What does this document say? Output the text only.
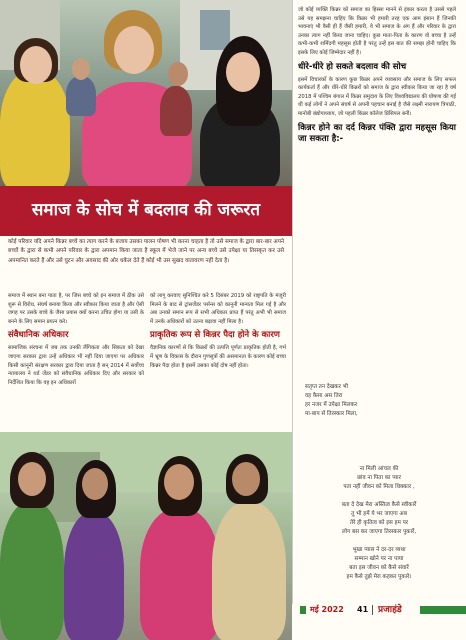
समाज के सोच में बदलाव की जरूरत
कोई परिवार यदि अपने किन्नर बच्चे का त्याग करने के बजाय उसका पालन पोषण भी करना चाहता है तो उसे समाज के द्वारा बार-बार अपने बच्चों के द्वारा से कभी अपने परिवार के द्वारा अपमान किया जाता है स्कूल में भेजे जाने पर अन्य बच्चे उसे उपेक्षा या तिरस्कृत कर उसे अपमानित करते हैं और उसे घुटन और अवसाद की ओर धकेल देते हैं कोई भी उस सुखद वातावरण नहीं देता है।

समाज में स्थान बना पाता है, पर जिस बच्चे को इन समाज में ठीक उसे शुरू से विरोध, संघर्ष बनाया किया और स्वीकार किया जाता है और ऐसी जगह पर उसके बच्चे के जैसा प्रयास क्यों करना उचित होगा या उसी के बनने के लिए समान प्रयत्न करे।

संवैधानिक अधिकार

सामाजिक संरचना में जब तक उनकी लैंगिकता और सिकता को देखा जाएगा सरकार द्वारा उन्हें अधिकार भी नहीं दिया जाएगा पर अधिकार किसी कानूनी संरक्षण सरकार द्वारा दिया जाता है सन् 2014 में सर्वोच्च न्यायालय ने थर्ड जेंडर को संवैधानिक अधिकार दिए और सरकार को निर्देशित किया कि वह इन अधिकारों

को लागू करवाए सुनिश्चित करे 5 दिसंबर 2019 को राष्ट्रपति के मंजूरी मिलने के बाद से ट्रांसजेंडर पर्सन्स को कानूनी मान्यता मिल गई है और अब उनको समान रूप से सभी अधिकार प्राप्त हैं परंतु अभी भी समाज में उनके अधिकारों को उतना बढ़ावा नहीं मिला है।

प्राकृतिक रूप से किन्नर पैदा होने के कारण

वैज्ञानिक कारणों से कि किन्नरों की उत्पत्ति पूर्णतः प्राकृतिक होती है, गर्भ में भ्रूण के विकास के दौरान गुणसूत्रों की असमानता के कारण कोई बच्चा किन्नर पैदा होता है इसमें उसका कोई दोष नहीं होता।

जो कोई व्यक्ति किन्नर को समाज का हिस्सा मानने से इंकार करता है उससे पहले उसे यह समझना चाहिए कि किन्नर भी हमारी तरह एक आम इंसान हैं जिनकी भावनाएं भी वैसी ही हैं जैसी हमारी, वे भी समाज के अंग हैं और परिवार के द्वारा उनका त्याग नहीं किया जाना चाहिए। कुछ माता-पिता के कारण वो बच्चा है उन्हें कभी-कभी शर्मिंदगी महसूस होती है परंतु उन्हें इस बात की समझ होनी चाहिए कि इसके लिए कोई जिम्मेदार नहीं है।

धीरे-धीरे हो सकते बदलाव की सोच

इसमें विचारकों के कारण कुछ किन्नर अपने व्यवसाय और समाज के लिए सफल कार्यकर्ता हैं और धीरे-धीरे किन्नरों को समाज के द्वारा स्वीकार किया जा रहा है वर्ष 2018 में पश्चिम बंगाल में किन्नर समुदाय के लिए विश्वविद्यालय की घोषणा की गई थी कई लोगों ने अपने संघर्ष से अपनी पहचान बनाई है जैसे लक्ष्मी नारायण त्रिपाठी, मानोबी बंद्योपाध्याय, जो पहली किन्नर कॉलेज प्रिंसिपल बनीं।

किन्नर होने का दर्द किन्नर पंक्ति द्वारा महसूस किया जा सकता है:-
सतृप्त तन देखकर भी
वह कैसा अस तिरा
हर नजर में उपेक्षा मिलकर
मा-बाप से तिरस्कार मिला,
ना मिली आंचल की
छांव ना पिता का प्यार
पता नहीं जीवन को मिला धिक्कार ,
बता दे देख मेरा अस्तित्व कैसे स्वीकारें
तू भी हमें ये भर जाएगा अब
तेरे ही कृतित्व को इस हम पर
लोग बस कर जाएगा तिरस्कार पुकारें,
भूखा प्यास ने दर-दर व्यथा
सम्मान खोने पर ना पाया
बता इस जीवन को कैसे संवारें
हम कैसे तुझे मेरा कहकर पुकारे।
मई 2022 41 प्रजाहंडे
